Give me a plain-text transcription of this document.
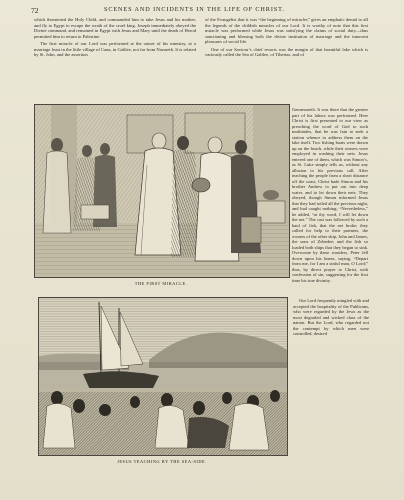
72	SCENES AND INCIDENTS IN THE LIFE OF CHRIST.

which threatened the Holy Child, and commanded him to take Jesus and his mother, and fly to Egypt to escape the wrath of the cruel king. Joseph immediately obeyed the Divine command, and remained in Egypt with Jesus and Mary until the death of Herod permitted him to return to Palestine.

The first miracle of our Lord was performed at the outset of his ministry, at a marriage feast in the little village of Cana, in Galilee, not far from Nazareth. It is related by St. John, and the assertion

of the Evangelist that it was “the beginning of miracles” gives an emphatic denial to all the legends of the childish miracles of our Lord. It is worthy of note that this first miracle was performed while Jesus was satisfying the claims of social duty—thus sanctioning and blessing both the divine institution of marriage and the innocent pleasures of social life.

One of our Saviour’s chief resorts was the margin of that beautiful lake which is variously called the Sea of Galilee, of Tiberias, and of

Gennesareth. It was there that the greater part of his labors was performed. Here Christ is first presented to our view as preaching the word of God to such multitudes, that he was fain to seek a station whence to address them on the lake itself. Two fishing boats were drawn up on the beach, while their owners were employed in washing their nets. Jesus entered one of them, which was Simon’s, as St. Luke simply tells us, without any allusion to his previous call. After teaching the people from a short distance off the coast, Christ bade Simon and his brother Andrew to put out into deep water, and to let down their nets. They obeyed, though Simon informed Jesus that they had toiled all the previous night, and had caught nothing; “Nevertheless,” he added, “at thy word, I will let down the net.” The cast was followed by such a haul of fish, that the net broke; they called for help to their partners, the owners of the other ship, John and James, the sons of Zebedee; and the fish so loaded both ships that they began to sink. Overcome by these wonders, Peter fell down upon his knees, saying, “Depart from me, for I am a sinful man, O Lord;” thus, by direct prayer to Christ, with confession of sin, suggesting for the first time his true divinity.

THE FIRST MIRACLE.

Our Lord frequently mingled with and accepted the hospitality of the Publicans, who were regarded by the Jews as the most degraded and wicked class of the nation. But the Lord, who regarded not the contempt by which men were controlled, desired

JESUS TEACHING BY THE SEA-SIDE.
